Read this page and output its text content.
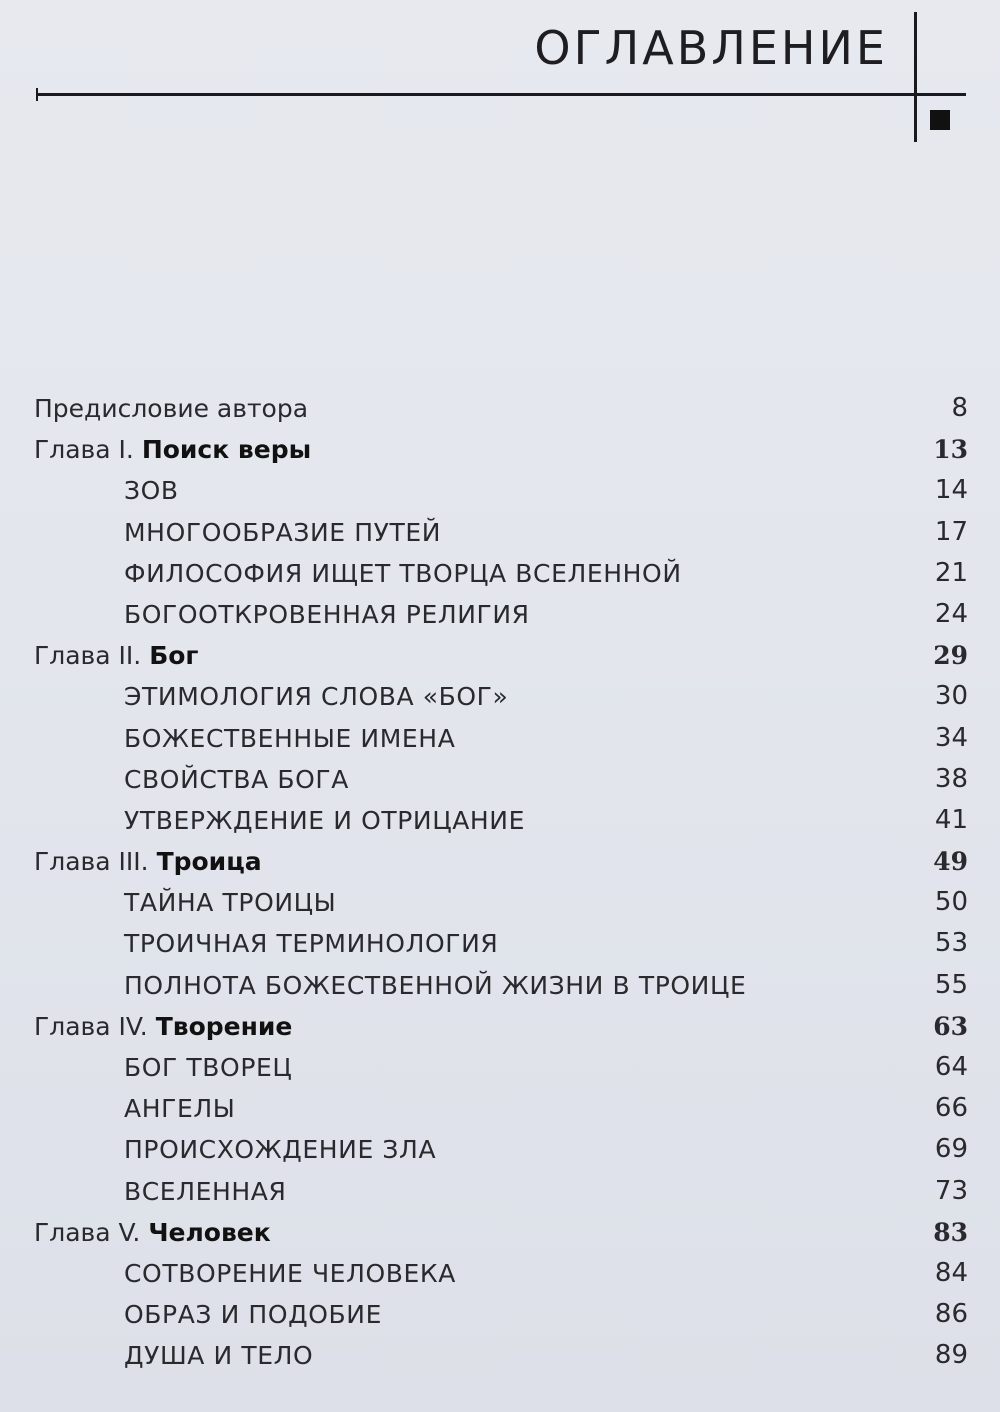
ОГЛАВЛЕНИЕ
Предисловие автора	8
Глава I. Поиск веры	13
ЗОВ	14
МНОГООБРАЗИЕ ПУТЕЙ	17
ФИЛОСОФИЯ ИЩЕТ ТВОРЦА ВСЕЛЕННОЙ	21
БОГООТКРОВЕННАЯ РЕЛИГИЯ	24
Глава II. Бог	29
ЭТИМОЛОГИЯ СЛОВА «БОГ»	30
БОЖЕСТВЕННЫЕ ИМЕНА	34
СВОЙСТВА БОГА	38
УТВЕРЖДЕНИЕ И ОТРИЦАНИЕ	41
Глава III. Троица	49
ТАЙНА ТРОИЦЫ	50
ТРОИЧНАЯ ТЕРМИНОЛОГИЯ	53
ПОЛНОТА БОЖЕСТВЕННОЙ ЖИЗНИ В ТРОИЦЕ	55
Глава IV. Творение	63
БОГ ТВОРЕЦ	64
АНГЕЛЫ	66
ПРОИСХОЖДЕНИЕ ЗЛА	69
ВСЕЛЕННАЯ	73
Глава V. Человек	83
СОТВОРЕНИЕ ЧЕЛОВЕКА	84
ОБРАЗ И ПОДОБИЕ	86
ДУША И ТЕЛО	89
